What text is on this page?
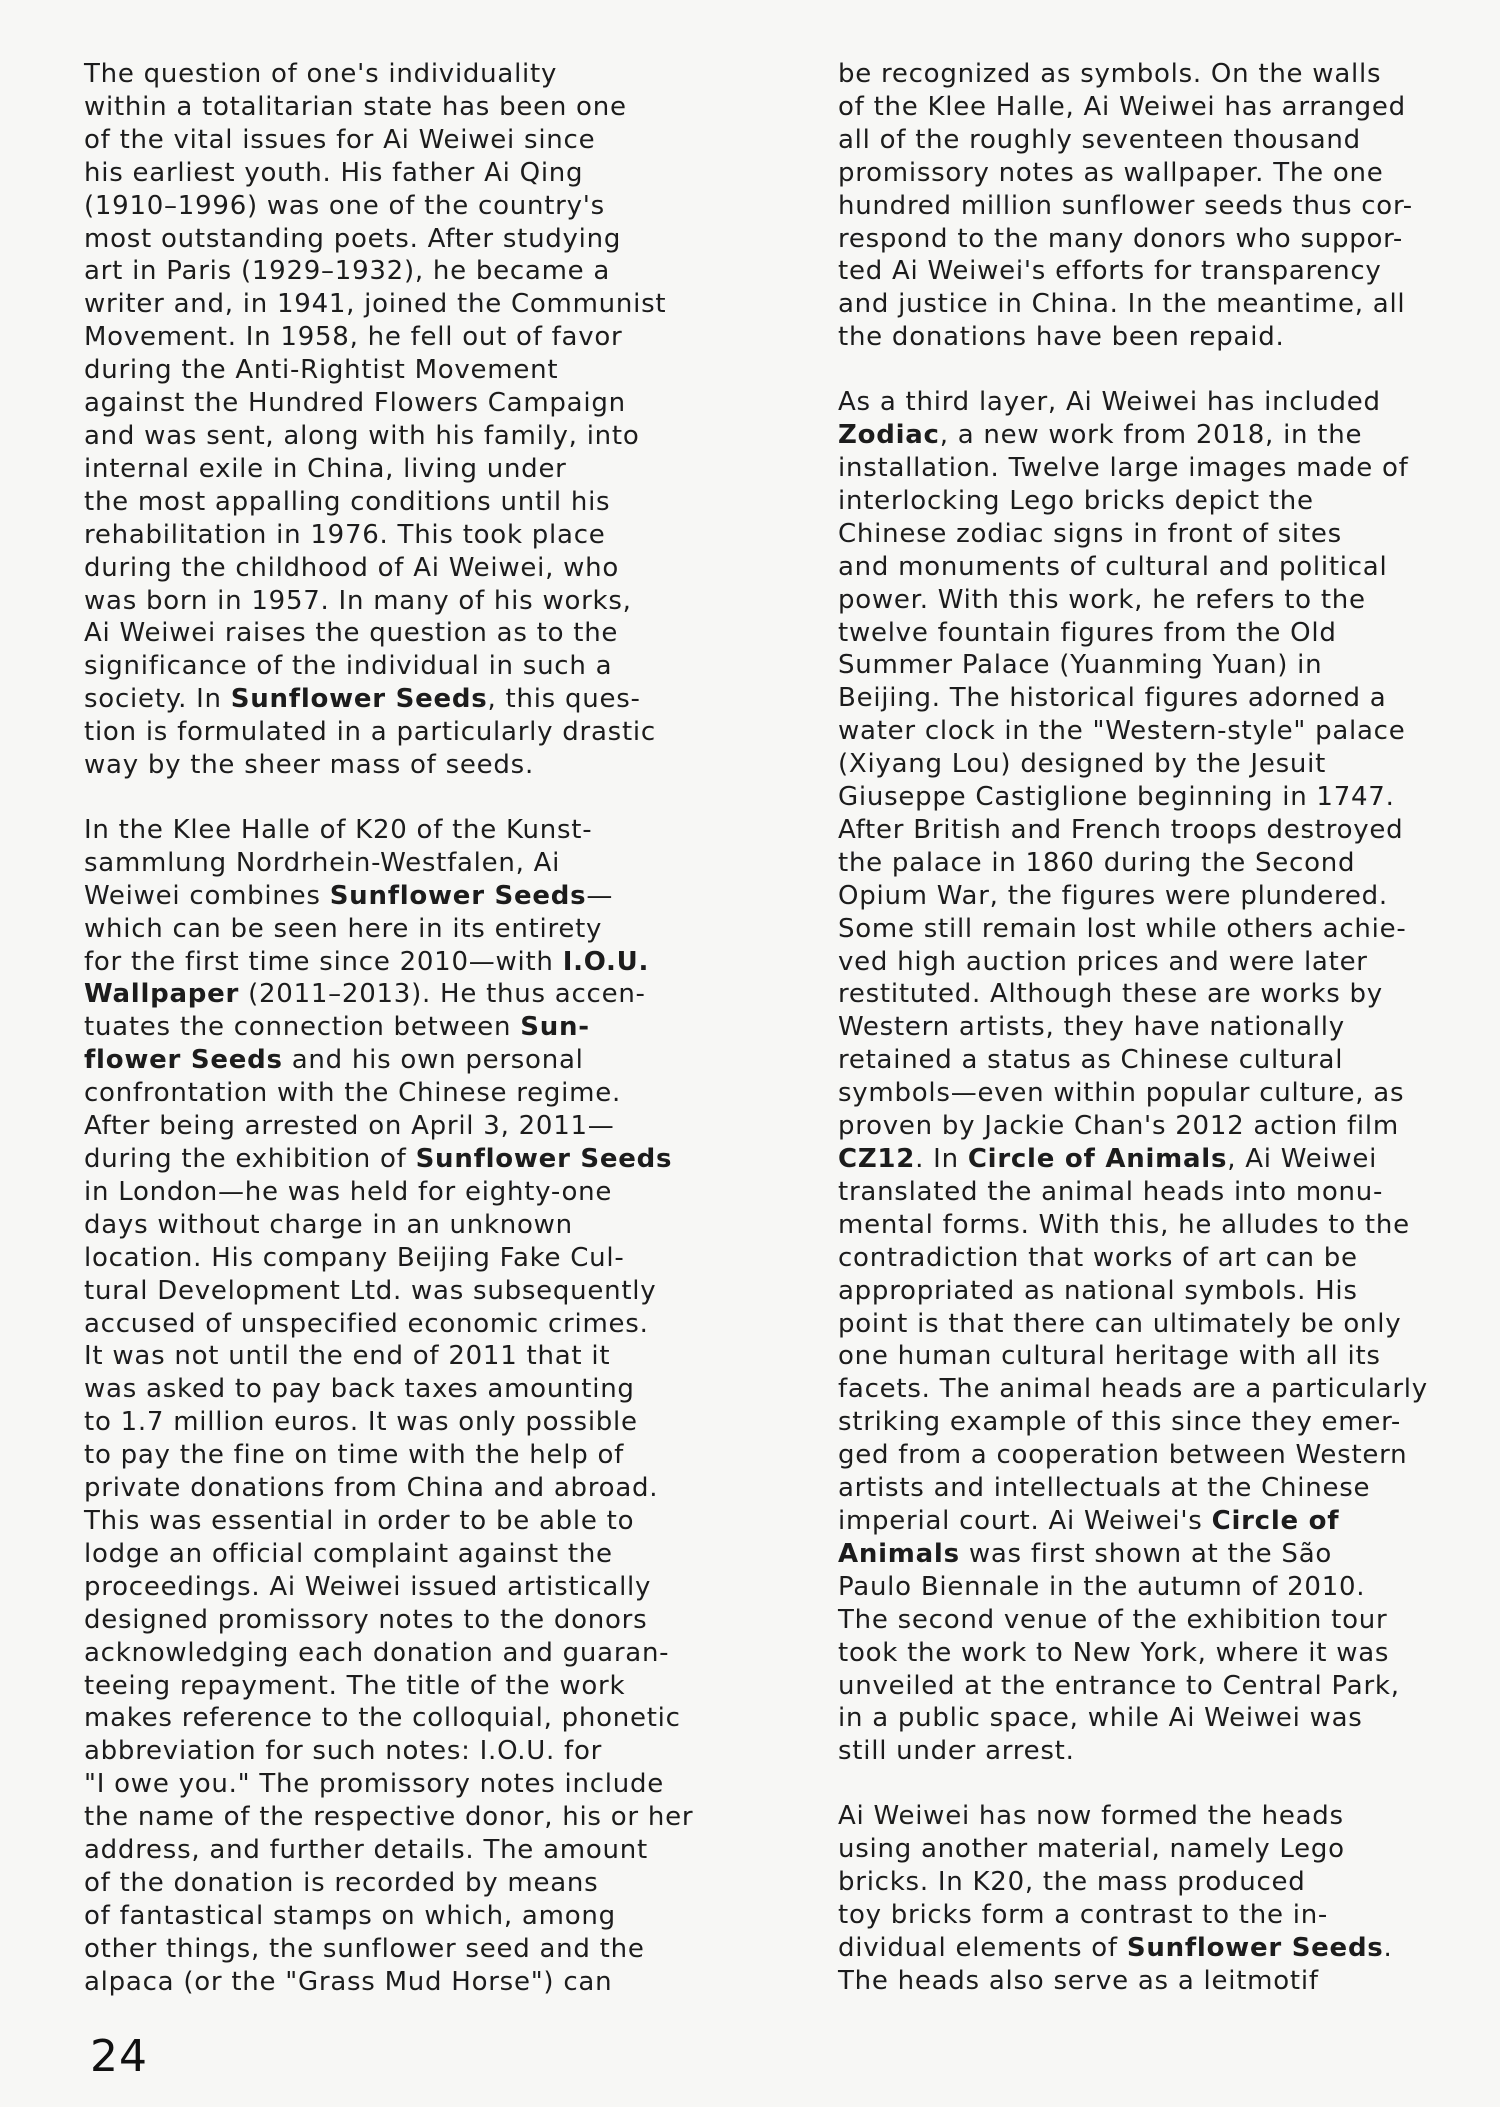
The question of one's individuality
within a totalitarian state has been one
of the vital issues for Ai Weiwei since
his earliest youth. His father Ai Qing
(1910–1996) was one of the country's
most outstanding poets. After studying
art in Paris (1929–1932), he became a
writer and, in 1941, joined the Communist
Movement. In 1958, he fell out of favor
during the Anti-Rightist Movement
against the Hundred Flowers Campaign
and was sent, along with his family, into
internal exile in China, living under
the most appalling conditions until his
rehabilitation in 1976. This took place
during the childhood of Ai Weiwei, who
was born in 1957. In many of his works,
Ai Weiwei raises the question as to the
significance of the individual in such a
society. In Sunflower Seeds, this ques-
tion is formulated in a particularly drastic
way by the sheer mass of seeds.

In the Klee Halle of K20 of the Kunst-
sammlung Nordrhein-Westfalen, Ai
Weiwei combines Sunflower Seeds—
which can be seen here in its entirety
for the first time since 2010—with I.O.U.
Wallpaper (2011–2013). He thus accen-
tuates the connection between Sun-
flower Seeds and his own personal
confrontation with the Chinese regime.
After being arrested on April 3, 2011—
during the exhibition of Sunflower Seeds
in London—he was held for eighty-one
days without charge in an unknown
location. His company Beijing Fake Cul-
tural Development Ltd. was subsequently
accused of unspecified economic crimes.
It was not until the end of 2011 that it
was asked to pay back taxes amounting
to 1.7 million euros. It was only possible
to pay the fine on time with the help of
private donations from China and abroad.
This was essential in order to be able to
lodge an official complaint against the
proceedings. Ai Weiwei issued artistically
designed promissory notes to the donors
acknowledging each donation and guaran-
teeing repayment. The title of the work
makes reference to the colloquial, phonetic
abbreviation for such notes: I.O.U. for
"I owe you." The promissory notes include
the name of the respective donor, his or her
address, and further details. The amount
of the donation is recorded by means
of fantastical stamps on which, among
other things, the sunflower seed and the
alpaca (or the "Grass Mud Horse") can

be recognized as symbols. On the walls
of the Klee Halle, Ai Weiwei has arranged
all of the roughly seventeen thousand
promissory notes as wallpaper. The one
hundred million sunflower seeds thus cor-
respond to the many donors who suppor-
ted Ai Weiwei's efforts for transparency
and justice in China. In the meantime, all
the donations have been repaid.

As a third layer, Ai Weiwei has included
Zodiac, a new work from 2018, in the
installation. Twelve large images made of
interlocking Lego bricks depict the
Chinese zodiac signs in front of sites
and monuments of cultural and political
power. With this work, he refers to the
twelve fountain figures from the Old
Summer Palace (Yuanming Yuan) in
Beijing. The historical figures adorned a
water clock in the "Western-style" palace
(Xiyang Lou) designed by the Jesuit
Giuseppe Castiglione beginning in 1747.
After British and French troops destroyed
the palace in 1860 during the Second
Opium War, the figures were plundered.
Some still remain lost while others achie-
ved high auction prices and were later
restituted. Although these are works by
Western artists, they have nationally
retained a status as Chinese cultural
symbols—even within popular culture, as
proven by Jackie Chan's 2012 action film
CZ12. In Circle of Animals, Ai Weiwei
translated the animal heads into monu-
mental forms. With this, he alludes to the
contradiction that works of art can be
appropriated as national symbols. His
point is that there can ultimately be only
one human cultural heritage with all its
facets. The animal heads are a particularly
striking example of this since they emer-
ged from a cooperation between Western
artists and intellectuals at the Chinese
imperial court. Ai Weiwei's Circle of
Animals was first shown at the São
Paulo Biennale in the autumn of 2010.
The second venue of the exhibition tour
took the work to New York, where it was
unveiled at the entrance to Central Park,
in a public space, while Ai Weiwei was
still under arrest.

Ai Weiwei has now formed the heads
using another material, namely Lego
bricks. In K20, the mass produced
toy bricks form a contrast to the in-
dividual elements of Sunflower Seeds.
The heads also serve as a leitmotif

24
